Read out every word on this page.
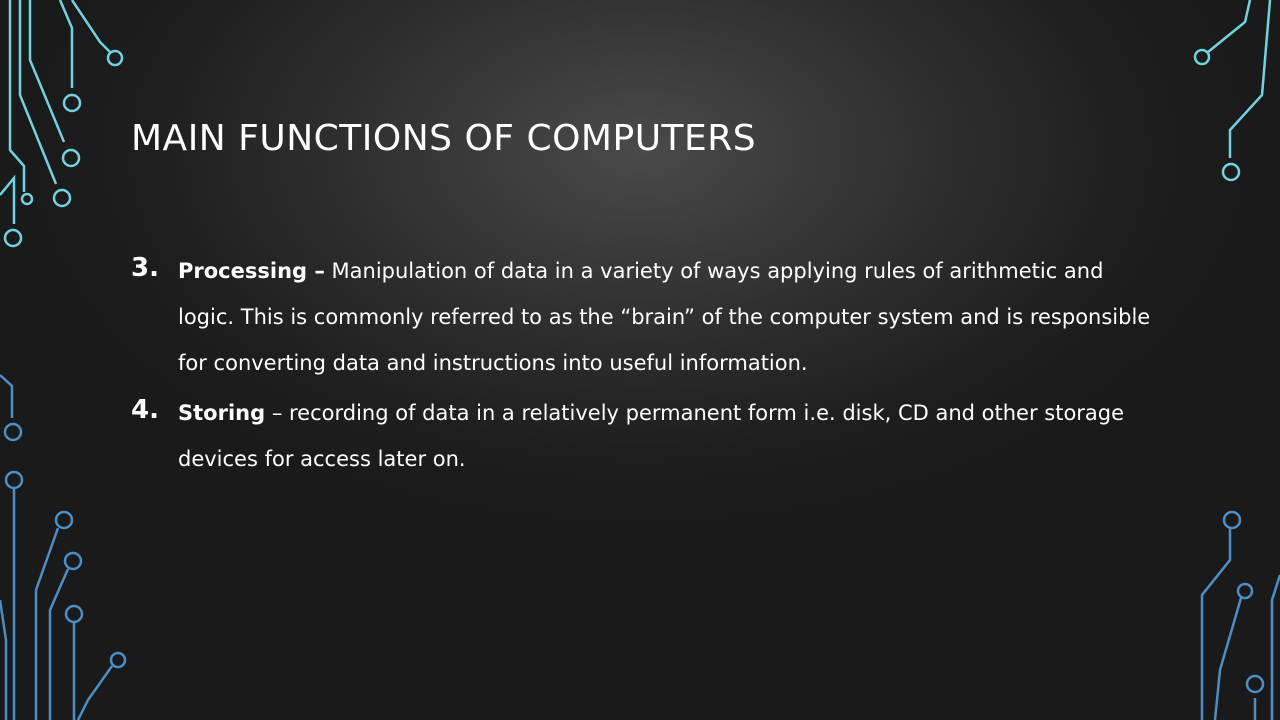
MAIN FUNCTIONS OF COMPUTERS
3. Processing – Manipulation of data in a variety of ways applying rules of arithmetic and logic. This is commonly referred to as the “brain” of the computer system and is responsible for converting data and instructions into useful information.
4. Storing – recording of data in a relatively permanent form i.e. disk, CD and other storage devices for access later on.
